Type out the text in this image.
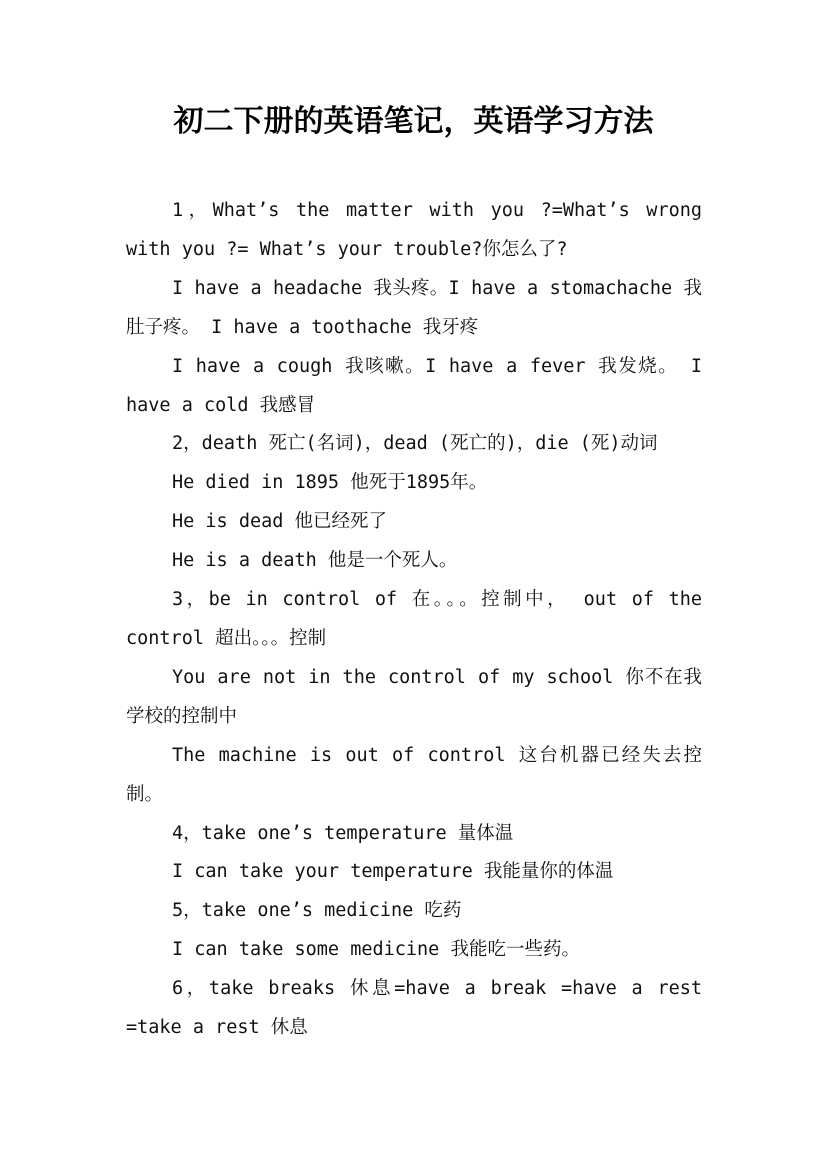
初二下册的英语笔记，英语学习方法

1，What’s the matter with you ?=What’s wrong with you ?= What’s your trouble?你怎么了?

I have a headache 我头疼。I have a stomachache 我肚子疼。 I have a toothache 我牙疼

I have a cough 我咳嗽。I have a fever 我发烧。 I have a cold 我感冒

2，death 死亡(名词)，dead (死亡的)，die (死)动词

He died in 1895 他死于1895年。

He is dead 他已经死了

He is a death 他是一个死人。

3，be in control of 在。。。控制中， out of the control 超出。。。控制

You are not in the control of my school 你不在我学校的控制中

The machine is out of control 这台机器已经失去控制。

4，take one’s temperature 量体温

I can take your temperature 我能量你的体温

5，take one’s medicine 吃药

I can take some medicine 我能吃一些药。

6，take breaks 休息=have a break =have a rest =take a rest 休息
